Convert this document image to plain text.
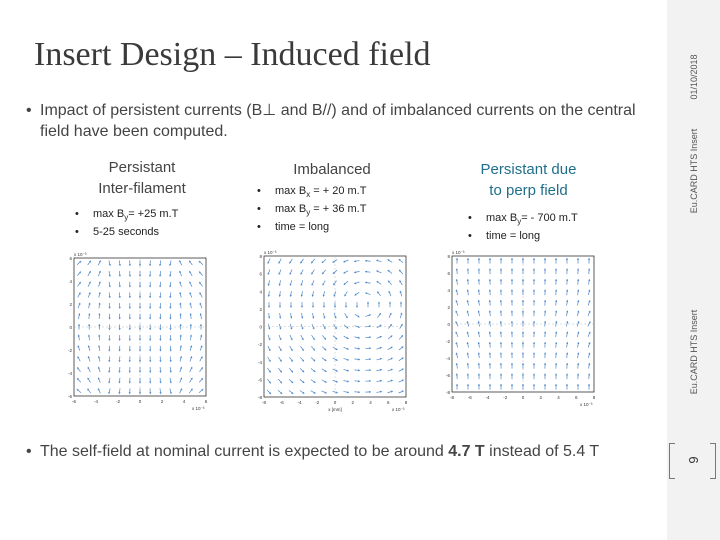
01/10/2018
Eu.CARD HTS Insert
Eu.CARD HTS Insert
Insert Design – Induced field
• Impact of persistent currents (B⊥ and B//) and of imbalanced currents on the central field have been computed.
Persistant
Inter-filament
• $\max B_y= +25$ m.T
• 5-25 seconds
Imbalanced
• $\max B_x$ = + 20 m.T
• $\max B_y$ = + 36 m.T
• time = long
Persistant due
to perp field
• $\max B_y= - 700$ m.T
• time = long
6
4
2
0
-2
-4
-6
-6	-4	-2	0	2	4	6
x 10⁻³
x 10⁻³
8
6
4
2
0
-2
-4
-6
-8
-8	-6	-4	-2	0	2	4	6	8
x 10⁻³
x 10⁻³
x [mm]
8
6
4
2
0
-2
-4
-6
-8
-8	-6	-4	-2	0	2	4	6	8
x 10⁻³
x 10⁻³
• The self-field at nominal current is expected to be around 4.7 T instead of 5.4 T
9
